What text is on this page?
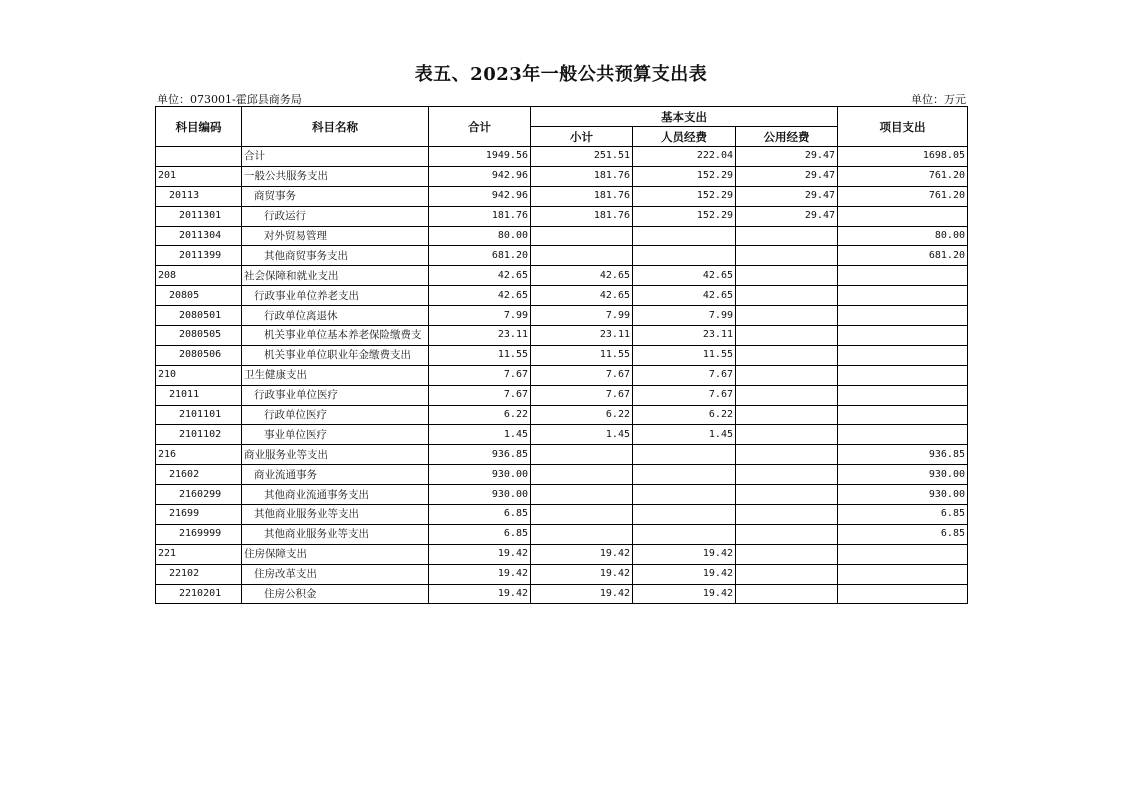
表五、2023年一般公共预算支出表
单位：073001-霍邱县商务局	单位：万元
科目编码	科目名称	合计	基本支出			项目支出
			小计	人员经费	公用经费	
	合计	1949.56	251.51	222.04	29.47	1698.05
201	一般公共服务支出	942.96	181.76	152.29	29.47	761.20
20113	商贸事务	942.96	181.76	152.29	29.47	761.20
2011301	行政运行	181.76	181.76	152.29	29.47	
2011304	对外贸易管理	80.00				80.00
2011399	其他商贸事务支出	681.20				681.20
208	社会保障和就业支出	42.65	42.65	42.65		
20805	行政事业单位养老支出	42.65	42.65	42.65		
2080501	行政单位离退休	7.99	7.99	7.99		
2080505	机关事业单位基本养老保险缴费支	23.11	23.11	23.11		
2080506	机关事业单位职业年金缴费支出	11.55	11.55	11.55		
210	卫生健康支出	7.67	7.67	7.67		
21011	行政事业单位医疗	7.67	7.67	7.67		
2101101	行政单位医疗	6.22	6.22	6.22		
2101102	事业单位医疗	1.45	1.45	1.45		
216	商业服务业等支出	936.85				936.85
21602	商业流通事务	930.00				930.00
2160299	其他商业流通事务支出	930.00				930.00
21699	其他商业服务业等支出	6.85				6.85
2169999	其他商业服务业等支出	6.85				6.85
221	住房保障支出	19.42	19.42	19.42		
22102	住房改革支出	19.42	19.42	19.42		
2210201	住房公积金	19.42	19.42	19.42		
